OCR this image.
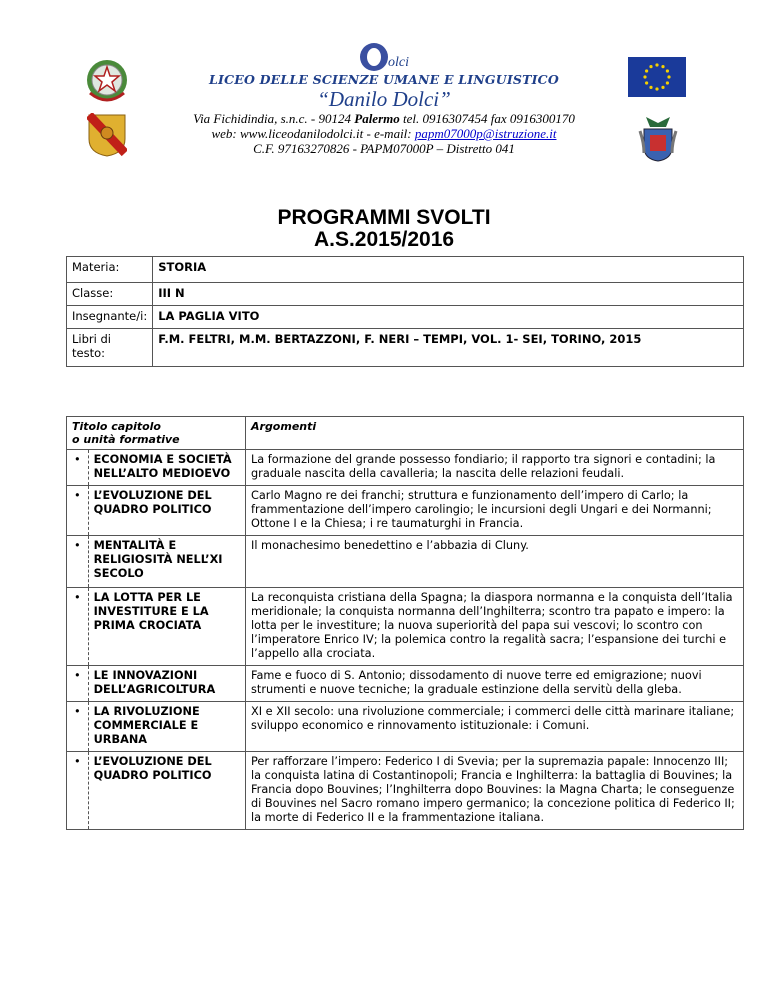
olci
LICEO DELLE SCIENZE UMANE E LINGUISTICO
“Danilo Dolci”
Via Fichidindia, s.n.c. - 90124 Palermo tel. 0916307454 fax 0916300170
web: www.liceodanilodolci.it - e-mail: papm07000p@istruzione.it
C.F. 97163270826 - PAPM07000P – Distretto 041
PROGRAMMI SVOLTI
A.S.2015/2016
Materia:	STORIA
Classe:	III N
Insegnante/i:	LA PAGLIA VITO
Libri di testo:	F.M. FELTRI, M.M. BERTAZZONI, F. NERI – TEMPI, VOL. 1- SEI, TORINO, 2015
Titolo capitolo
o unità formative		Argomenti
•	ECONOMIA E SOCIETÀ NELL’ALTO MEDIOEVO	La formazione del grande possesso fondiario; il rapporto tra signori e contadini; la graduale nascita della cavalleria; la nascita delle relazioni feudali.
•	L’EVOLUZIONE DEL QUADRO POLITICO	Carlo Magno re dei franchi; struttura e funzionamento dell’impero di Carlo; la frammentazione dell’impero carolingio; le incursioni degli Ungari e dei Normanni; Ottone I e la Chiesa; i re taumaturghi in Francia.
•	MENTALITÀ E RELIGIOSITÀ NELL’XI SECOLO	Il monachesimo benedettino e l’abbazia di Cluny.
•	LA LOTTA PER LE INVESTITURE E LA PRIMA CROCIATA	La reconquista cristiana della Spagna; la diaspora normanna e la conquista dell’Italia meridionale; la conquista normanna dell’Inghilterra; scontro tra papato e impero: la lotta per le investiture; la nuova superiorità del papa sui vescovi; lo scontro con l’imperatore Enrico IV; la polemica contro la regalità sacra; l’espansione dei turchi e l’appello alla crociata.
•	LE INNOVAZIONI DELL’AGRICOLTURA	Fame e fuoco di S. Antonio; dissodamento di nuove terre ed emigrazione; nuovi strumenti e nuove tecniche; la graduale estinzione della servitù della gleba.
•	LA RIVOLUZIONE COMMERCIALE E URBANA	XI e XII secolo: una rivoluzione commerciale; i commerci delle città marinare italiane; sviluppo economico e rinnovamento istituzionale: i Comuni.
•	L’EVOLUZIONE DEL QUADRO POLITICO	Per rafforzare l’impero: Federico I di Svevia; per la supremazia papale: Innocenzo III; la conquista latina di Costantinopoli; Francia e Inghilterra: la battaglia di Bouvines; la Francia dopo Bouvines; l’Inghilterra dopo Bouvines: la Magna Charta; le conseguenze di Bouvines nel Sacro romano impero germanico; la concezione politica di Federico II; la morte di Federico II e la frammentazione italiana.
